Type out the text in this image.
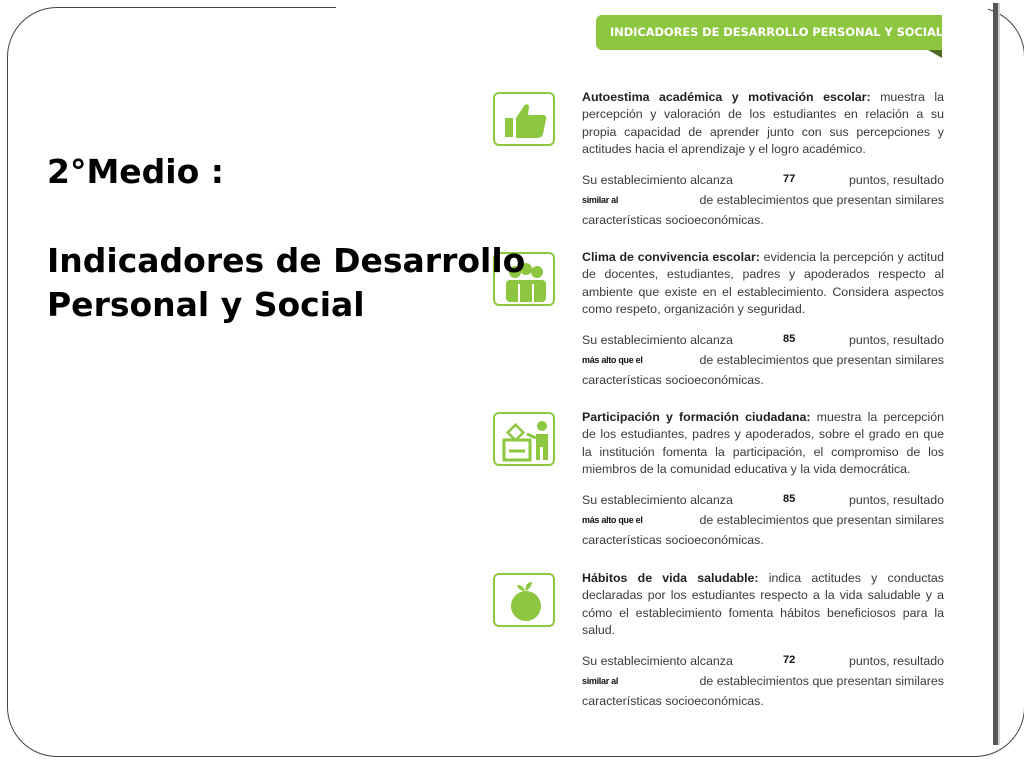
INDICADORES DE DESARROLLO PERSONAL Y SOCIAL
Autoestima académica y motivación escolar: muestra la percepción y valoración de los estudiantes en relación a su propia capacidad de aprender junto con sus percepciones y actitudes hacia el aprendizaje y el logro académico.
Su establecimiento alcanza	77	puntos, resultado
similar al	de establecimientos que presentan similares
características socioeconómicas.
Clima de convivencia escolar: evidencia la percepción y actitud de docentes, estudiantes, padres y apoderados respecto al ambiente que existe en el establecimiento. Considera aspectos como respeto, organización y seguridad.
Su establecimiento alcanza	85	puntos, resultado
más alto que el	de establecimientos que presentan similares
características socioeconómicas.
Participación y formación ciudadana: muestra la percepción de los estudiantes, padres y apoderados, sobre el grado en que la institución fomenta la participación, el compromiso de los miembros de la comunidad educativa y la vida democrática.
Su establecimiento alcanza	85	puntos, resultado
más alto que el	de establecimientos que presentan similares
características socioeconómicas.
Hábitos de vida saludable: indica actitudes y conductas declaradas por los estudiantes respecto a la vida saludable y a cómo el establecimiento fomenta hábitos beneficiosos para la salud.
Su establecimiento alcanza	72	puntos, resultado
similar al	de establecimientos que presentan similares
características socioeconómicas.
2°Medio :
Indicadores de Desarrollo Personal y Social
